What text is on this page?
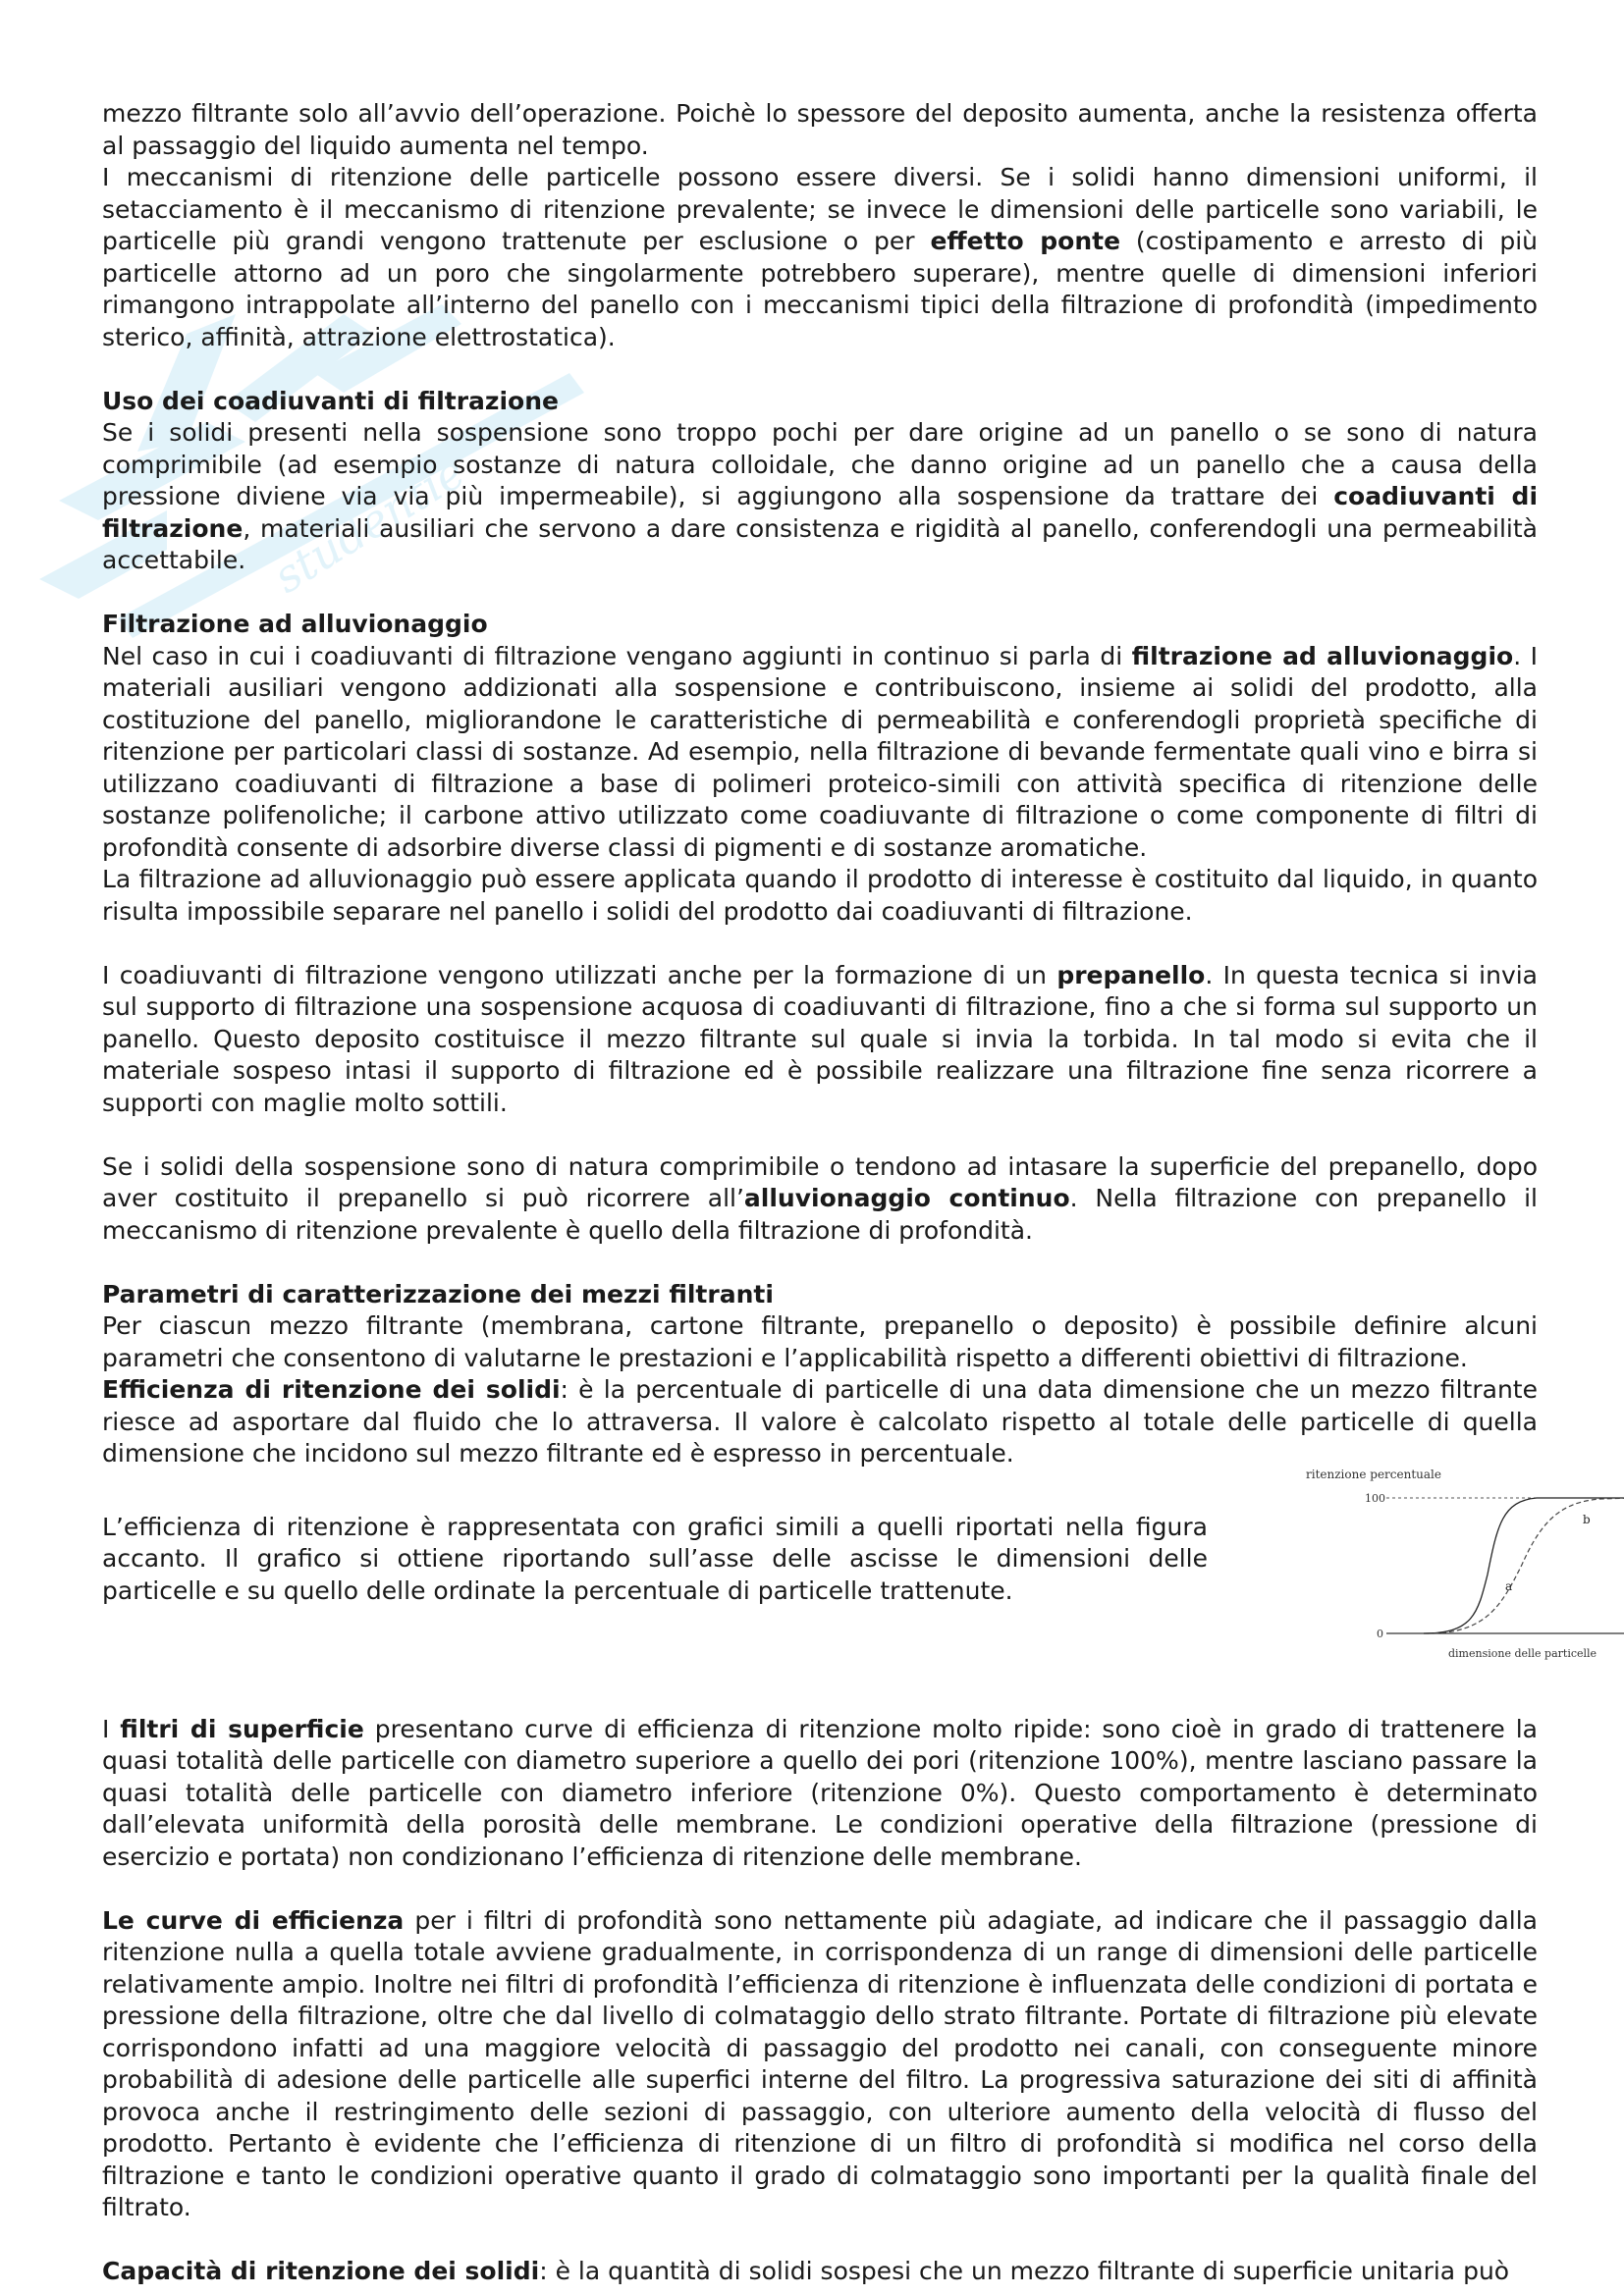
studentie

mezzo filtrante solo all’avvio dell’operazione. Poichè lo spessore del deposito aumenta, anche la resistenza offerta al passaggio del liquido aumenta nel tempo.

I meccanismi di ritenzione delle particelle possono essere diversi. Se i solidi hanno dimensioni uniformi, il setacciamento è il meccanismo di ritenzione prevalente; se invece le dimensioni delle particelle sono variabili, le particelle più grandi vengono trattenute per esclusione o per effetto ponte (costipamento e arresto di più particelle attorno ad un poro che singolarmente potrebbero superare), mentre quelle di dimensioni inferiori rimangono intrappolate all’interno del panello con i meccanismi tipici della filtrazione di profondità (impedimento sterico, affinità, attrazione elettrostatica).

Uso dei coadiuvanti di filtrazione

Se i solidi presenti nella sospensione sono troppo pochi per dare origine ad un panello o se sono di natura comprimibile (ad esempio sostanze di natura colloidale, che danno origine ad un panello che a causa della pressione diviene via via più impermeabile), si aggiungono alla sospensione da trattare dei coadiuvanti di filtrazione, materiali ausiliari che servono a dare consistenza e rigidità al panello, conferendogli una permeabilità accettabile.

Filtrazione ad alluvionaggio

Nel caso in cui i coadiuvanti di filtrazione vengano aggiunti in continuo si parla di filtrazione ad alluvionaggio. I materiali ausiliari vengono addizionati alla sospensione e contribuiscono, insieme ai solidi del prodotto, alla costituzione del panello, migliorandone le caratteristiche di permeabilità e conferendogli proprietà specifiche di ritenzione per particolari classi di sostanze. Ad esempio, nella filtrazione di bevande fermentate quali vino e birra si utilizzano coadiuvanti di filtrazione a base di polimeri proteico-simili con attività specifica di ritenzione delle sostanze polifenoliche; il carbone attivo utilizzato come coadiuvante di filtrazione o come componente di filtri di profondità consente di adsorbire diverse classi di pigmenti e di sostanze aromatiche.

La filtrazione ad alluvionaggio può essere applicata quando il prodotto di interesse è costituito dal liquido, in quanto risulta impossibile separare nel panello i solidi del prodotto dai coadiuvanti di filtrazione.

I coadiuvanti di filtrazione vengono utilizzati anche per la formazione di un prepanello. In questa tecnica si invia sul supporto di filtrazione una sospensione acquosa di coadiuvanti di filtrazione, fino a che si forma sul supporto un panello. Questo deposito costituisce il mezzo filtrante sul quale si invia la torbida. In tal modo si evita che il materiale sospeso intasi il supporto di filtrazione ed è possibile realizzare una filtrazione fine senza ricorrere a supporti con maglie molto sottili.

Se i solidi della sospensione sono di natura comprimibile o tendono ad intasare la superficie del prepanello, dopo aver costituito il prepanello si può ricorrere all’alluvionaggio continuo. Nella filtrazione con prepanello il meccanismo di ritenzione prevalente è quello della filtrazione di profondità.

Parametri di caratterizzazione dei mezzi filtranti

Per ciascun mezzo filtrante (membrana, cartone filtrante, prepanello o deposito) è possibile definire alcuni parametri che consentono di valutarne le prestazioni e l’applicabilità rispetto a differenti obiettivi di filtrazione.

Efficienza di ritenzione dei solidi: è la percentuale di particelle di una data dimensione che un mezzo filtrante riesce ad asportare dal fluido che lo attraversa. Il valore è calcolato rispetto al totale delle particelle di quella dimensione che incidono sul mezzo filtrante ed è espresso in percentuale.

L’efficienza di ritenzione è rappresentata con grafici simili a quelli riportati nella figura accanto. Il grafico si ottiene riportando sull’asse delle ascisse le dimensioni delle particelle e su quello delle ordinate la percentuale di particelle trattenute.

ritenzione percentuale
100
0
a
b
dimensione delle particelle

I filtri di superficie presentano curve di efficienza di ritenzione molto ripide: sono cioè in grado di trattenere la quasi totalità delle particelle con diametro superiore a quello dei pori (ritenzione 100%), mentre lasciano passare la quasi totalità delle particelle con diametro inferiore (ritenzione 0%). Questo comportamento è determinato dall’elevata uniformità della porosità delle membrane. Le condizioni operative della filtrazione (pressione di esercizio e portata) non condizionano l’efficienza di ritenzione delle membrane.

Le curve di efficienza per i filtri di profondità sono nettamente più adagiate, ad indicare che il passaggio dalla ritenzione nulla a quella totale avviene gradualmente, in corrispondenza di un range di dimensioni delle particelle relativamente ampio. Inoltre nei filtri di profondità l’efficienza di ritenzione è influenzata delle condizioni di portata e pressione della filtrazione, oltre che dal livello di colmataggio dello strato filtrante. Portate di filtrazione più elevate corrispondono infatti ad una maggiore velocità di passaggio del prodotto nei canali, con conseguente minore probabilità di adesione delle particelle alle superfici interne del filtro. La progressiva saturazione dei siti di affinità provoca anche il restringimento delle sezioni di passaggio, con ulteriore aumento della velocità di flusso del prodotto. Pertanto è evidente che l’efficienza di ritenzione di un filtro di profondità si modifica nel corso della filtrazione e tanto le condizioni operative quanto il grado di colmataggio sono importanti per la qualità finale del filtrato.

Capacità di ritenzione dei solidi: è la quantità di solidi sospesi che un mezzo filtrante di superficie unitaria può
